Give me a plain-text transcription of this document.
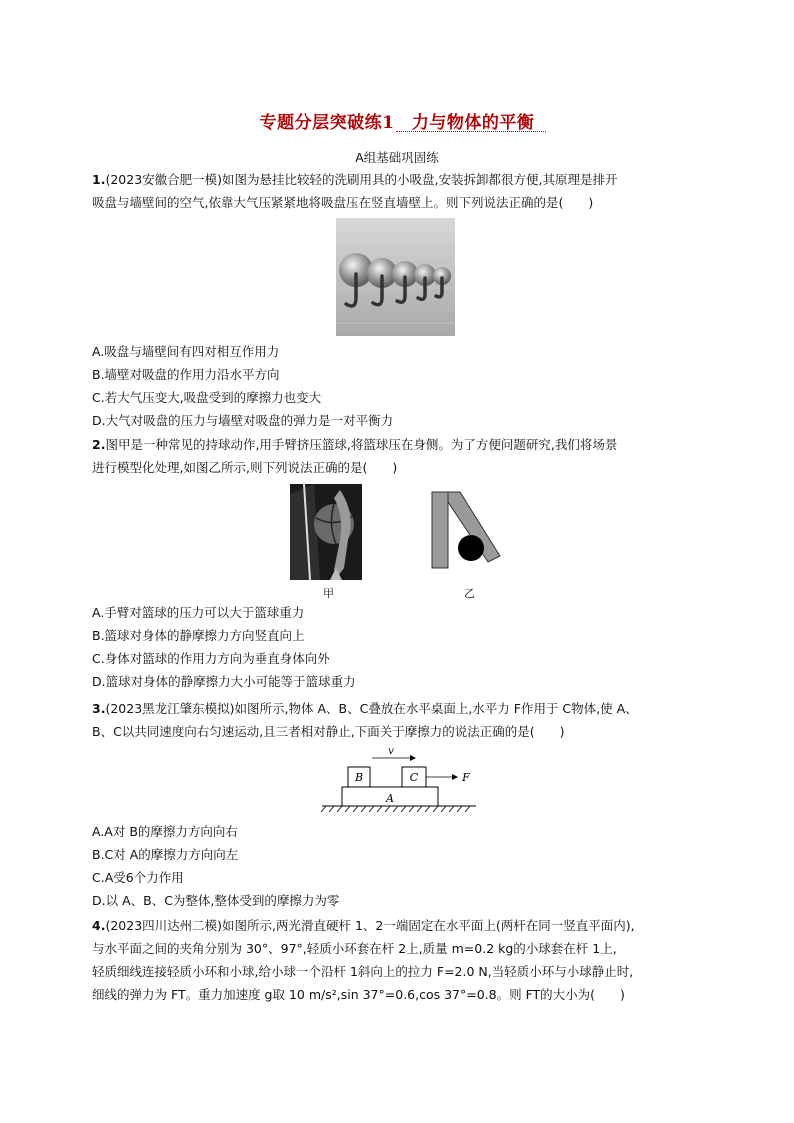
专题分层突破练1　力与物体的平衡
A组基础巩固练
1.(2023安徽合肥一模)如图为悬挂比较轻的洗刷用具的小吸盘,安装拆卸都很方便,其原理是排开
吸盘与墙壁间的空气,依靠大气压紧紧地将吸盘压在竖直墙壁上。则下列说法正确的是(　　)
A.吸盘与墙壁间有四对相互作用力
B.墙壁对吸盘的作用力沿水平方向
C.若大气压变大,吸盘受到的摩擦力也变大
D.大气对吸盘的压力与墙壁对吸盘的弹力是一对平衡力
2.图甲是一种常见的持球动作,用手臂挤压篮球,将篮球压在身侧。为了方便问题研究,我们将场景
进行模型化处理,如图乙所示,则下列说法正确的是(　　)
甲	乙
A.手臂对篮球的压力可以大于篮球重力
B.篮球对身体的静摩擦力方向竖直向上
C.身体对篮球的作用力方向为垂直身体向外
D.篮球对身体的静摩擦力大小可能等于篮球重力
3.(2023黑龙江肇东模拟)如图所示,物体 A、B、C叠放在水平桌面上,水平力 F作用于 C物体,使 A、
B、C以共同速度向右匀速运动,且三者相对静止,下面关于摩擦力的说法正确的是(　　)
A
B	C
v
F
A.A对 B的摩擦力方向向右
B.C对 A的摩擦力方向向左
C.A受6个力作用
D.以 A、B、C为整体,整体受到的摩擦力为零
4.(2023四川达州二模)如图所示,两光滑直硬杆 1、2一端固定在水平面上(两杆在同一竖直平面内),
与水平面之间的夹角分别为 30°、97°,轻质小环套在杆 2上,质量 m=0.2 kg的小球套在杆 1上,
轻质细线连接轻质小环和小球,给小球一个沿杆 1斜向上的拉力 F=2.0 N,当轻质小环与小球静止时,
细线的弹力为 FT。重力加速度 g取 10 m/s²,sin 37°=0.6,cos 37°=0.8。则 FT的大小为(　　)
